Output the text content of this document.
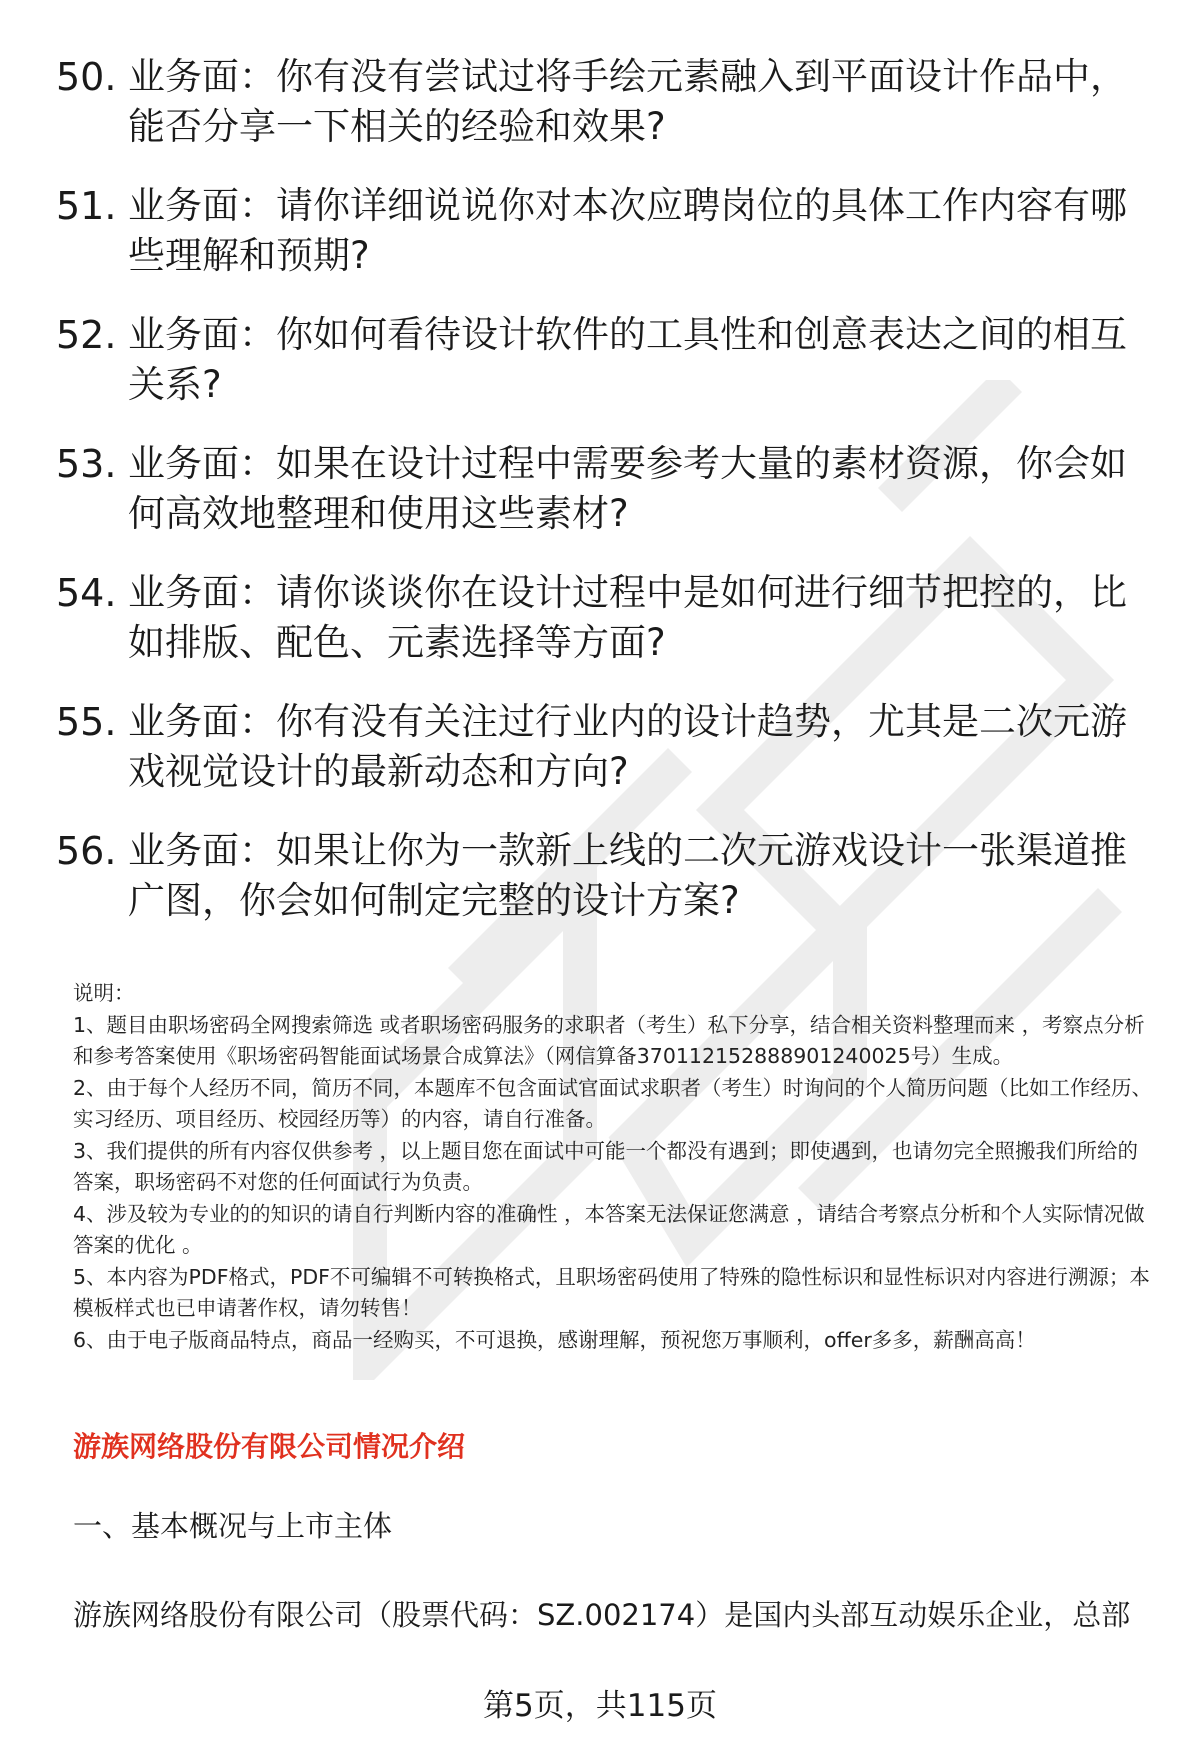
50. 业务面：你有没有尝试过将手绘元素融入到平面设计作品中，能否分享一下相关的经验和效果?
51. 业务面：请你详细说说你对本次应聘岗位的具体工作内容有哪些理解和预期?
52. 业务面：你如何看待设计软件的工具性和创意表达之间的相互关系?
53. 业务面：如果在设计过程中需要参考大量的素材资源，你会如何高效地整理和使用这些素材?
54. 业务面：请你谈谈你在设计过程中是如何进行细节把控的，比如排版、配色、元素选择等方面?
55. 业务面：你有没有关注过行业内的设计趋势，尤其是二次元游戏视觉设计的最新动态和方向?
56. 业务面：如果让你为一款新上线的二次元游戏设计一张渠道推广图，你会如何制定完整的设计方案?

说明：

1、题目由职场密码全网搜索筛选 或者职场密码服务的求职者（考生）私下分享，结合相关资料整理而来 ，考察点分析和参考答案使用《职场密码智能面试场景合成算法》（网信算备370112152888901240025号）生成。

2、由于每个人经历不同，简历不同，本题库不包含面试官面试求职者（考生）时询问的个人简历问题（比如工作经历、实习经历、项目经历、校园经历等）的内容，请自行准备。

3、我们提供的所有内容仅供参考 ，以上题目您在面试中可能一个都没有遇到；即使遇到，也请勿完全照搬我们所给的答案，职场密码不对您的任何面试行为负责。

4、涉及较为专业的的知识的请自行判断内容的准确性 ，本答案无法保证您满意 ，请结合考察点分析和个人实际情况做答案的优化 。

5、本内容为PDF格式，PDF不可编辑不可转换格式，且职场密码使用了特殊的隐性标识和显性标识对内容进行溯源；本模板样式也已申请著作权，请勿转售！

6、由于电子版商品特点，商品一经购买，不可退换，感谢理解，预祝您万事顺利，offer多多，薪酬高高！

游族网络股份有限公司情况介绍
一、基本概况与上市主体
游族网络股份有限公司（股票代码：SZ.002174）是国内头部互动娱乐企业，总部
第5页，共115页
